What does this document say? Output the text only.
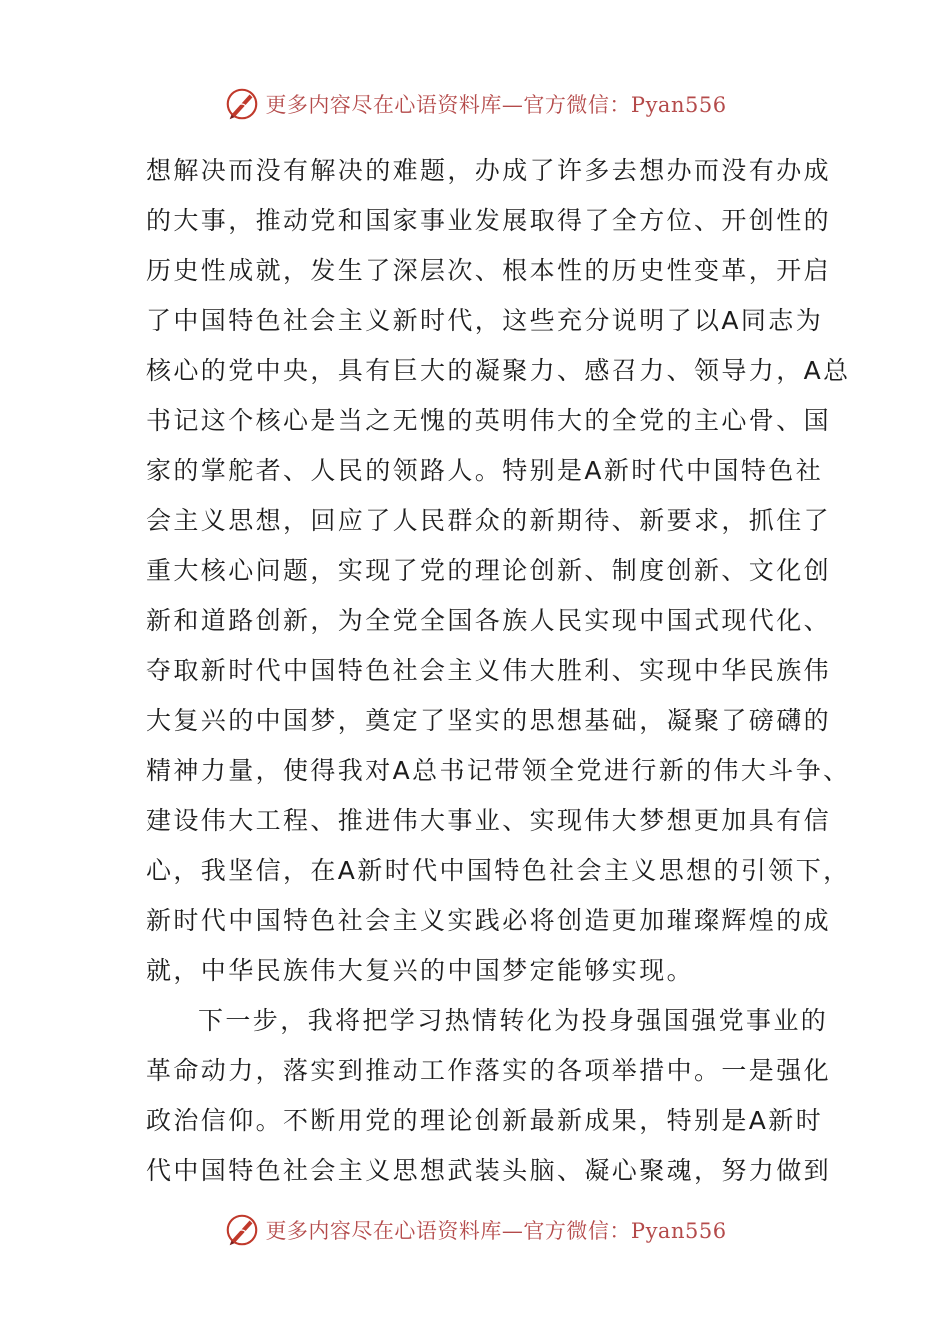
更多内容尽在心语资料库—官方微信：Pyan556
想解决而没有解决的难题，办成了许多去想办而没有办成
的大事，推动党和国家事业发展取得了全方位、开创性的
历史性成就，发生了深层次、根本性的历史性变革，开启
了中国特色社会主义新时代，这些充分说明了以A同志为
核心的党中央，具有巨大的凝聚力、感召力、领导力，A总
书记这个核心是当之无愧的英明伟大的全党的主心骨、国
家的掌舵者、人民的领路人。特别是A新时代中国特色社
会主义思想，回应了人民群众的新期待、新要求，抓住了
重大核心问题，实现了党的理论创新、制度创新、文化创
新和道路创新，为全党全国各族人民实现中国式现代化、
夺取新时代中国特色社会主义伟大胜利、实现中华民族伟
大复兴的中国梦，奠定了坚实的思想基础，凝聚了磅礴的
精神力量，使得我对A总书记带领全党进行新的伟大斗争、
建设伟大工程、推进伟大事业、实现伟大梦想更加具有信
心，我坚信，在A新时代中国特色社会主义思想的引领下，
新时代中国特色社会主义实践必将创造更加璀璨辉煌的成
就，中华民族伟大复兴的中国梦定能够实现。
下一步，我将把学习热情转化为投身强国强党事业的
革命动力，落实到推动工作落实的各项举措中。一是强化
政治信仰。不断用党的理论创新最新成果，特别是A新时
代中国特色社会主义思想武装头脑、凝心聚魂，努力做到
更多内容尽在心语资料库—官方微信：Pyan556
